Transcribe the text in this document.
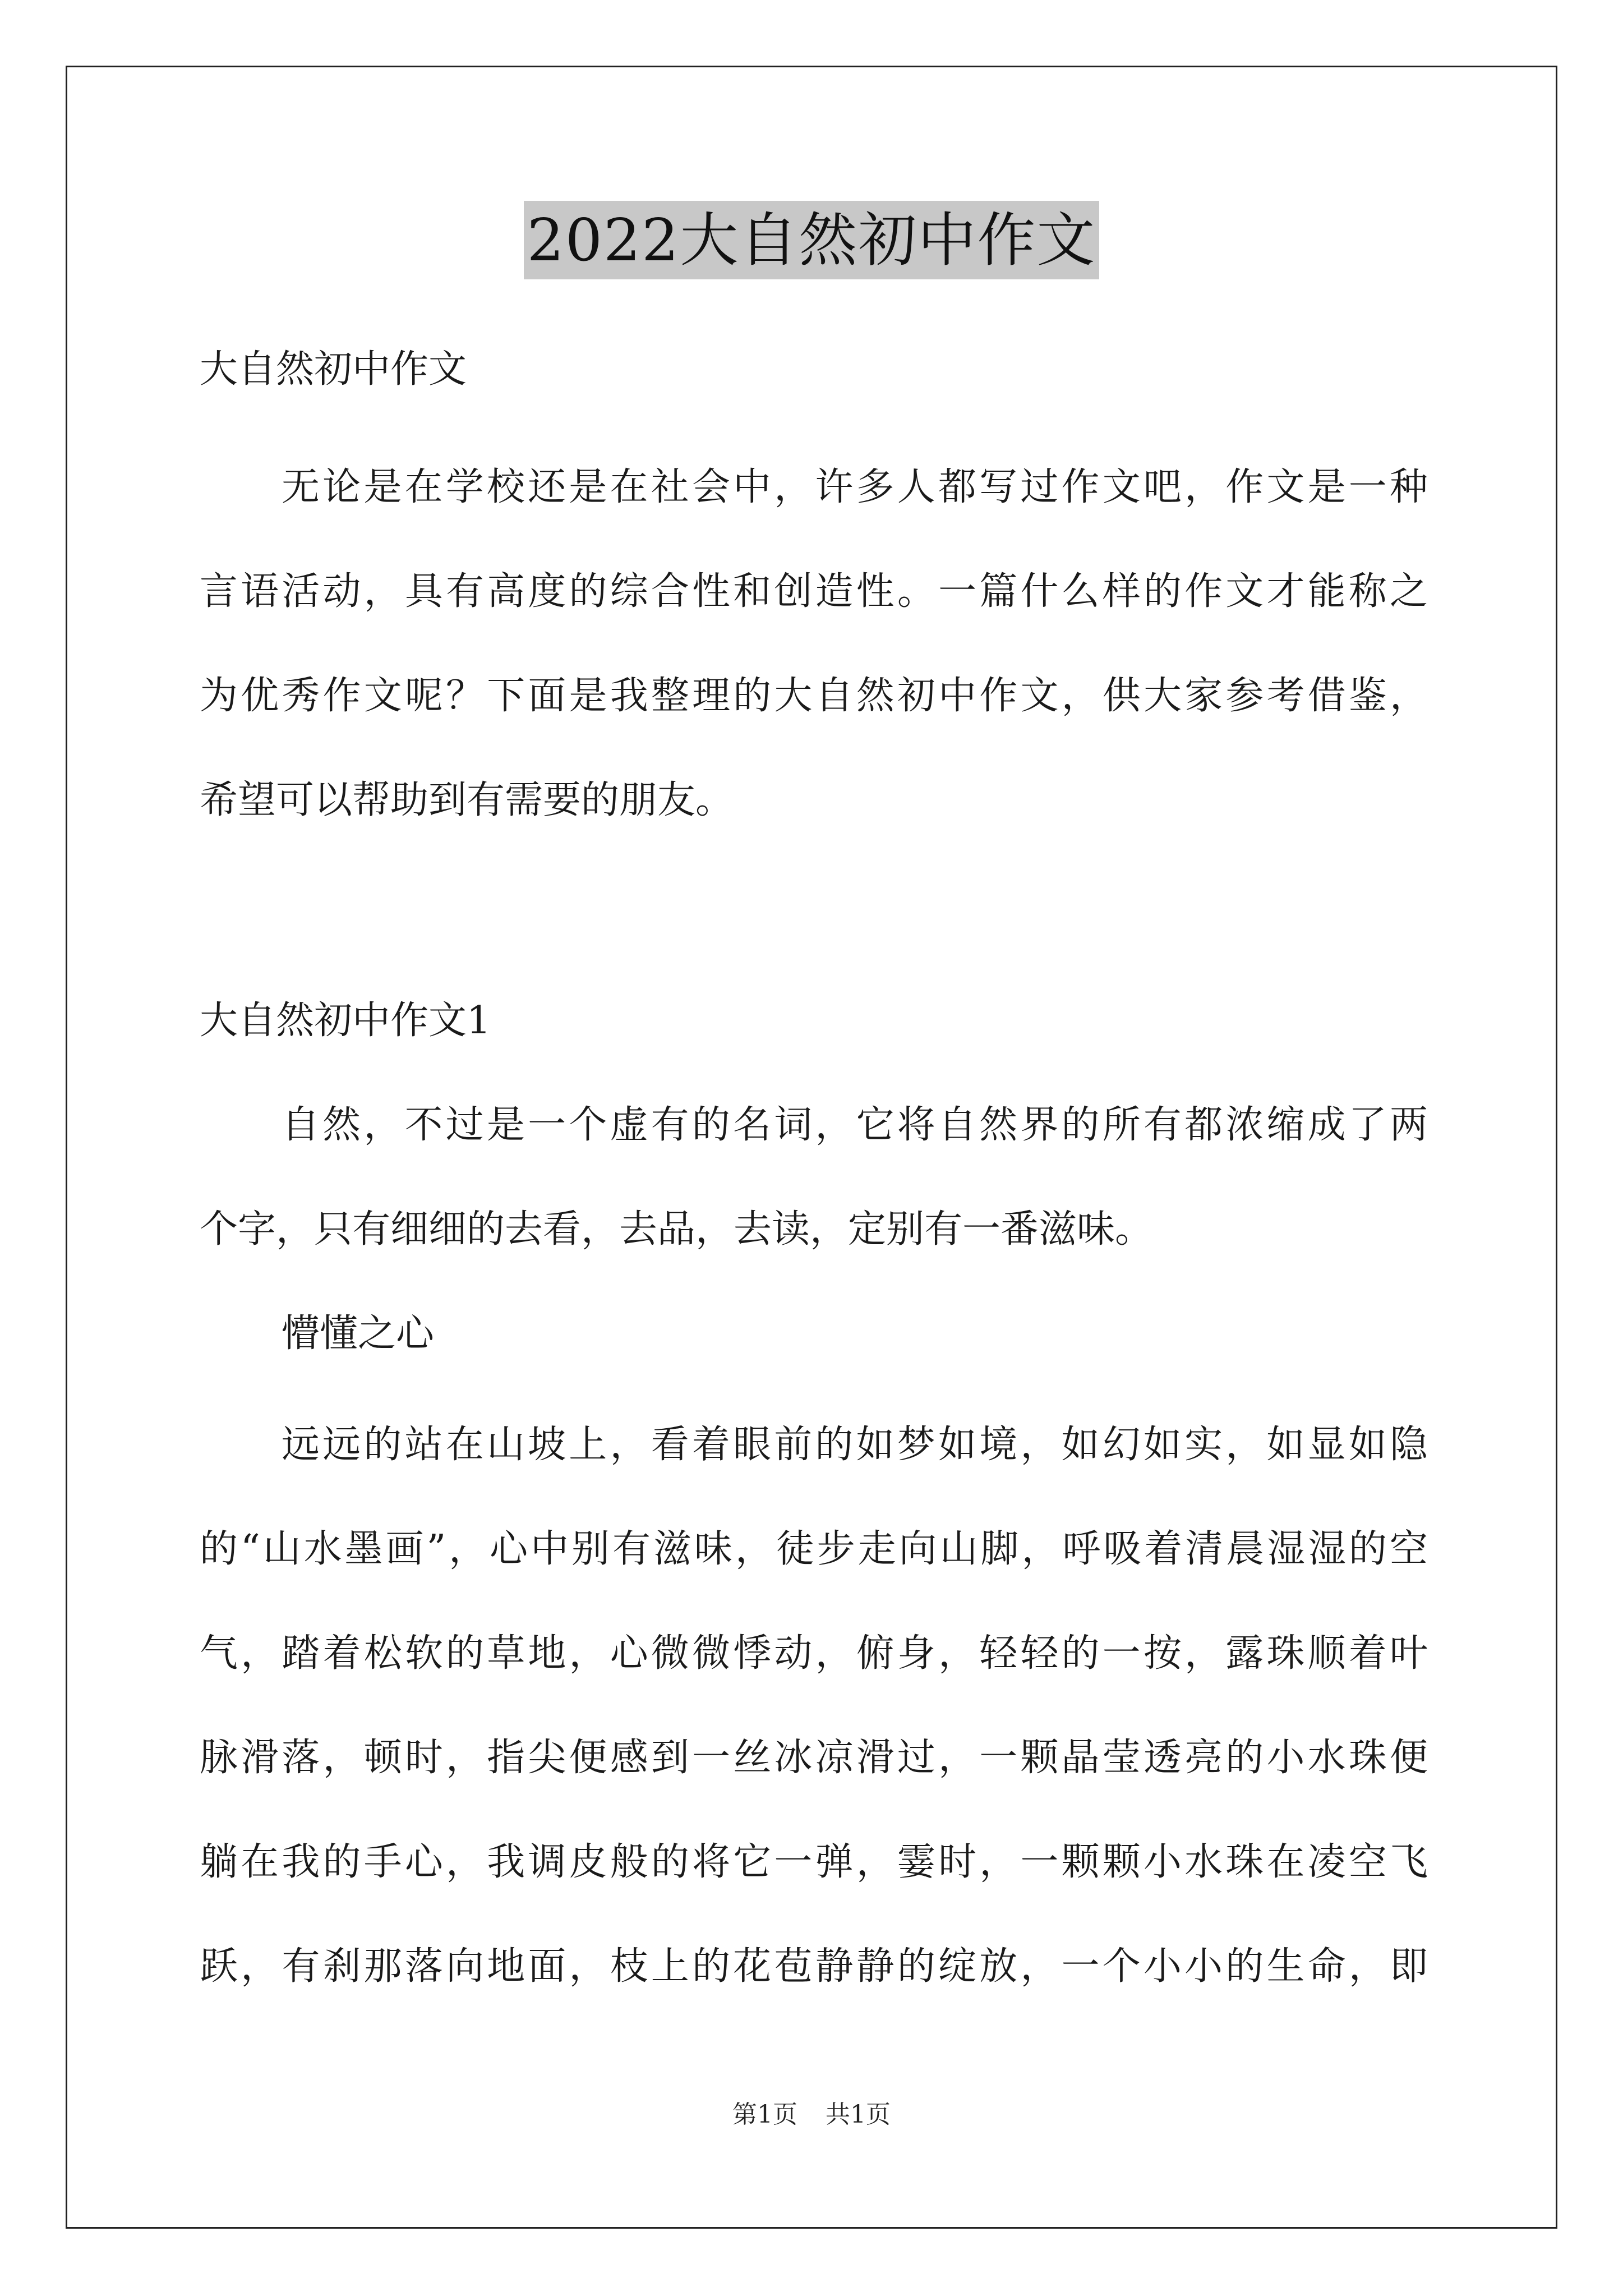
2022大自然初中作文
大自然初中作文
无论是在学校还是在社会中，许多人都写过作文吧，作文是一种
言语活动，具有高度的综合性和创造性。一篇什么样的作文才能称之
为优秀作文呢？下面是我整理的大自然初中作文，供大家参考借鉴，
希望可以帮助到有需要的朋友。
大自然初中作文1
自然，不过是一个虚有的名词，它将自然界的所有都浓缩成了两
个字，只有细细的去看，去品，去读，定别有一番滋味。
懵懂之心
远远的站在山坡上，看着眼前的如梦如境，如幻如实，如显如隐
的“山水墨画”，心中别有滋味，徒步走向山脚，呼吸着清晨湿湿的空
气，踏着松软的草地，心微微悸动，俯身，轻轻的一按，露珠顺着叶
脉滑落，顿时，指尖便感到一丝冰凉滑过，一颗晶莹透亮的小水珠便
躺在我的手心，我调皮般的将它一弹，霎时，一颗颗小水珠在凌空飞
跃，有刹那落向地面，枝上的花苞静静的绽放，一个小小的生命，即
第1页 共1页
